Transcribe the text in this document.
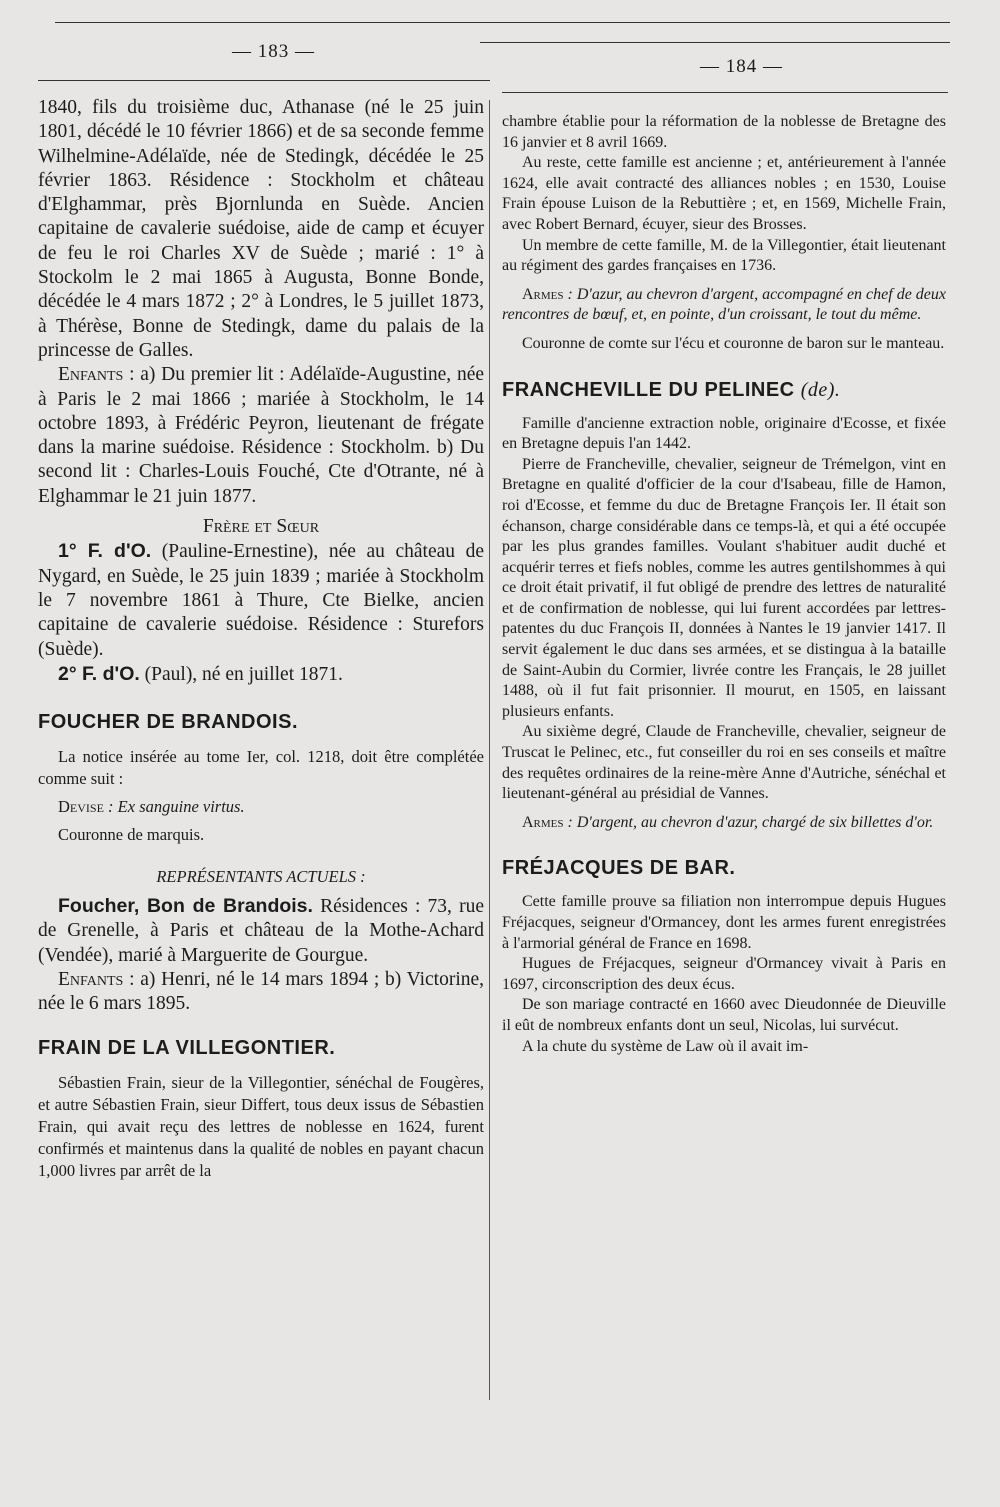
— 183 —
— 184 —

1840, fils du troisième duc, Athanase (né le 25 juin 1801, décédé le 10 février 1866) et de sa seconde femme Wilhelmine-Adélaïde, née de Stedingk, décédée le 25 février 1863. Résidence : Stockholm et château d'Elghammar, près Bjornlunda en Suède. Ancien capitaine de cavalerie suédoise, aide de camp et écuyer de feu le roi Charles XV de Suède ; marié : 1° à Stockolm le 2 mai 1865 à Augusta, Bonne Bonde, décédée le 4 mars 1872 ; 2° à Londres, le 5 juillet 1873, à Thérèse, Bonne de Stedingk, dame du palais de la princesse de Galles.

Enfants : a) Du premier lit : Adélaïde-Augustine, née à Paris le 2 mai 1866 ; mariée à Stockholm, le 14 octobre 1893, à Frédéric Peyron, lieutenant de frégate dans la marine suédoise. Résidence : Stockholm. b) Du second lit : Charles-Louis Fouché, Cte d'Otrante, né à Elghammar le 21 juin 1877.

Frère et Sœur

1° F. d'O. (Pauline-Ernestine), née au château de Nygard, en Suède, le 25 juin 1839 ; mariée à Stockholm le 7 novembre 1861 à Thure, Cte Bielke, ancien capitaine de cavalerie suédoise. Résidence : Sturefors (Suède).

2° F. d'O. (Paul), né en juillet 1871.

FOUCHER DE BRANDOIS.

La notice insérée au tome Ier, col. 1218, doit être complétée comme suit :

Devise : Ex sanguine virtus.

Couronne de marquis.

REPRÉSENTANTS ACTUELS :

Foucher, Bon de Brandois. Résidences : 73, rue de Grenelle, à Paris et château de la Mothe-Achard (Vendée), marié à Marguerite de Gourgue.

Enfants : a) Henri, né le 14 mars 1894 ; b) Victorine, née le 6 mars 1895.

FRAIN DE LA VILLEGONTIER.

Sébastien Frain, sieur de la Villegontier, sénéchal de Fougères, et autre Sébastien Frain, sieur Differt, tous deux issus de Sébastien Frain, qui avait reçu des lettres de noblesse en 1624, furent confirmés et maintenus dans la qualité de nobles en payant chacun 1,000 livres par arrêt de la

chambre établie pour la réformation de la noblesse de Bretagne des 16 janvier et 8 avril 1669.

Au reste, cette famille est ancienne ; et, antérieurement à l'année 1624, elle avait contracté des alliances nobles ; en 1530, Louise Frain épouse Luison de la Rebuttière ; et, en 1569, Michelle Frain, avec Robert Bernard, écuyer, sieur des Brosses.

Un membre de cette famille, M. de la Villegontier, était lieutenant au régiment des gardes françaises en 1736.

Armes : D'azur, au chevron d'argent, accompagné en chef de deux rencontres de bœuf, et, en pointe, d'un croissant, le tout du même.

Couronne de comte sur l'écu et couronne de baron sur le manteau.

FRANCHEVILLE DU PELINEC (de).

Famille d'ancienne extraction noble, originaire d'Ecosse, et fixée en Bretagne depuis l'an 1442.

Pierre de Francheville, chevalier, seigneur de Trémelgon, vint en Bretagne en qualité d'officier de la cour d'Isabeau, fille de Hamon, roi d'Ecosse, et femme du duc de Bretagne François Ier. Il était son échanson, charge considérable dans ce temps-là, et qui a été occupée par les plus grandes familles. Voulant s'habituer audit duché et acquérir terres et fiefs nobles, comme les autres gentilshommes à qui ce droit était privatif, il fut obligé de prendre des lettres de naturalité et de confirmation de noblesse, qui lui furent accordées par lettres-patentes du duc François II, données à Nantes le 19 janvier 1417. Il servit également le duc dans ses armées, et se distingua à la bataille de Saint-Aubin du Cormier, livrée contre les Français, le 28 juillet 1488, où il fut fait prisonnier. Il mourut, en 1505, en laissant plusieurs enfants.

Au sixième degré, Claude de Francheville, chevalier, seigneur de Truscat le Pelinec, etc., fut conseiller du roi en ses conseils et maître des requêtes ordinaires de la reine-mère Anne d'Autriche, sénéchal et lieutenant-général au présidial de Vannes.

Armes : D'argent, au chevron d'azur, chargé de six billettes d'or.

FRÉJACQUES DE BAR.

Cette famille prouve sa filiation non interrompue depuis Hugues Fréjacques, seigneur d'Ormancey, dont les armes furent enregistrées à l'armorial général de France en 1698.

Hugues de Fréjacques, seigneur d'Ormancey vivait à Paris en 1697, circonscription des deux écus.

De son mariage contracté en 1660 avec Dieudonnée de Dieuville il eût de nombreux enfants dont un seul, Nicolas, lui survécut.

A la chute du système de Law où il avait im-
